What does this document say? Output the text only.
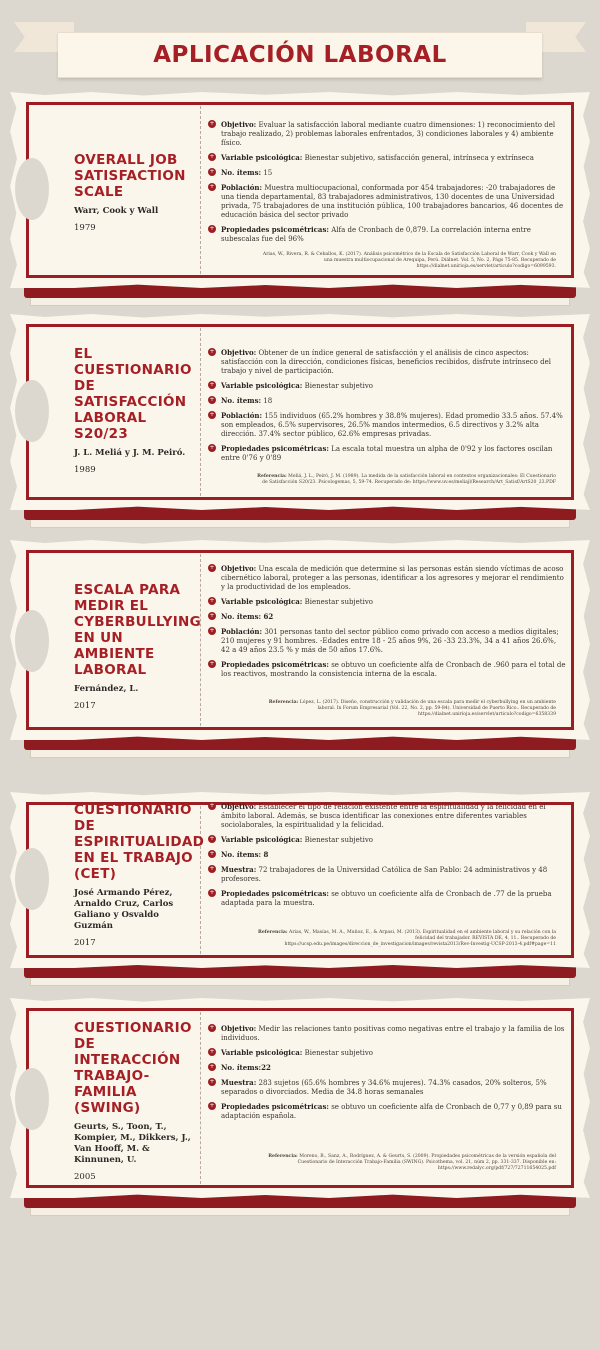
APLICACIÓN LABORAL
OVERALL JOB SATISFACTION SCALE
Warr, Cook y Wall
1979
+ Objetivo: Evaluar la satisfacción laboral mediante cuatro dimensiones: 1) reconocimiento del trabajo realizado, 2) problemas laborales enfrentados, 3) condiciones laborales y 4) ambiente físico.
+ Variable psicológica: Bienestar subjetivo, satisfacción general, intrínseca y extrínseca
+ No. ítems: 15
+ Población: Muestra multiocupacional, conformada por 454 trabajadores: -20 trabajadores de una tienda departamental, 83 trabajadores administrativos, 130 docentes de una Universidad privada, 75 trabajadores de una institución pública, 100 trabajadores bancarios, 46 docentes de educación básica del sector privado
+ Propiedades psicométricas: Alfa de Cronbach de 0,879. La correlación interna entre subescalas fue del 96%
Arias, W., Rivera, R. & Ceballos, K. (2017). Análisis psicométrico de la Escala de Satisfacción Laboral de Warr, Cook y Wall en una muestra multiocupacional de Arequipa, Perú. Diálnet. Vol. 5, No. 2, Págs 75-85. Recuperado de https://dialnet.unirioja.es/servlet/articulo?codigo=6099593.
EL CUESTIONARIO DE SATISFACCIÓN LABORAL S20/23
J. L. Meliá y J. M. Peiró.
1989
+ Objetivo: Obtener de un índice general de satisfacción y el análisis de cinco aspectos: satisfacción con la dirección, condiciones físicas, beneficios recibidos, disfrute intrínseco del trabajo y nivel de participación.
+ Variable psicológica: Bienestar subjetivo
+ No. ítems: 18
+ Población: 155 individuos (65.2% hombres y 38.8% mujeres). Edad promedio 33.5 años. 57.4% son empleados, 6.5% supervisores, 26.5% mandos intermedios, 6.5 directivos y 3.2% alta dirección. 37.4% sector público, 62.6% empresas privadas.
+ Propiedades psicométricas: La escala total muestra un alpha de 0'92 y los factores oscilan entre 0'76 y 0'89
Referencia: Meliá, J. L., Peiró, J. M. (1989). La medida de la satisfacción laboral en contextos organizacionales: El Cuestionario de Satisfacción S20/23. Psicologemas, 5, 59-74. Recuperado de: https://www.uv.es/meliajl/Research/Art_Satisf/ArtS20_23.PDF
ESCALA PARA MEDIR EL CYBERBULLYING EN UN AMBIENTE LABORAL
Fernández, L.
2017
+ Objetivo: Una escala de medición que determine si las personas están siendo víctimas de acoso cibernético laboral, proteger a las personas, identificar a los agresores y mejorar el rendimiento y la productividad de los empleados.
+ Variable psicológica: Bienestar subjetivo
+ No. ítems: 62
+ Población: 301 personas tanto del sector público como privado con acceso a medios digitales; 210 mujeres y 91 hombres. -Edades entre 18 - 25 años 9%, 26 -33 23.3%, 34 a 41 años 26.6%, 42 a 49 años 23.5 % y más de 50 años 17.6%.
+ Propiedades psicométricas: se obtuvo un coeficiente alfa de Cronbach de .960 para el total de los reactivos, mostrando la consistencia interna de la escala.
Referencia: López, L. (2017). Diseño, construcción y validación de una escala para medir el cyberbullying en un ambiente laboral. In Forum Empresarial (Vol. 22, No. 2, pp. 59-84). Universidad de Puerto Rico.. Recuperado de https://dialnet.unirioja.es/servlet/articulo?codigo=6358339
CUESTIONARIO DE ESPIRITUALIDAD EN EL TRABAJO (CET)
José Armando Pérez, Arnaldo Cruz, Carlos Galiano y Osvaldo Guzmán
2017
+ Objetivo: Establecer el tipo de relación existente entre la espiritualidad y la felicidad en el ámbito laboral. Además, se busca identificar las conexiones entre diferentes variables sociolaborales, la espiritualidad y la felicidad.
+ Variable psicológica: Bienestar subjetivo
+ No. ítems: 8
+ Muestra: 72 trabajadores de la Universidad Católica de San Pablo: 24 administrativos y 48 profesores.
+ Propiedades psicométricas: se obtuvo un coeficiente alfa de Cronbach de .77 de la prueba adaptada para la muestra.
Referencia: Arias, W., Masías, M. A., Muñoz, E., & Arpasi, M. (2013). Espiritualidad en el ambiente laboral y su relación con la felicidad del trabajador. REVISTA DE, 4, 11.. Recuperado de https://ucsp.edu.pe/images/direccion_de_investigacion/images/revista2013/Rev-Investig-UCSP-2013-4.pdf#page=11
CUESTIONARIO DE INTERACCIÓN TRABAJO-FAMILIA (SWING)
Geurts, S., Toon, T., Kompier, M., Dikkers, J., Van Hooff, M. & Kinnunen, U.
2005
+ Objetivo: Medir las relaciones tanto positivas como negativas entre el trabajo y la familia de los individuos.
+ Variable psicológica: Bienestar subjetivo
+ No. ítems:22
+ Muestra: 283 sujetos (65.6% hombres y 34.6% mujeres). 74.3% casados, 20% solteros, 5% separados o divorciados. Media de 34.8 horas semanales
+ Propiedades psicométricas: se obtuvo un coeficiente alfa de Cronbach de 0,77 y 0,89 para su adaptación española.
Referencia: Moreno, B., Sanz, A., Rodríguez, A. & Geurts, S. (2009). Propiedades psicométricas de la versión española del Cuestionario de Interacción Trabajo-Familia (SWING). Psicothema, vol. 21, núm 2, pp. 331-337. Disponible en: https://www.redalyc.org/pdf/727/72711654025.pdf
